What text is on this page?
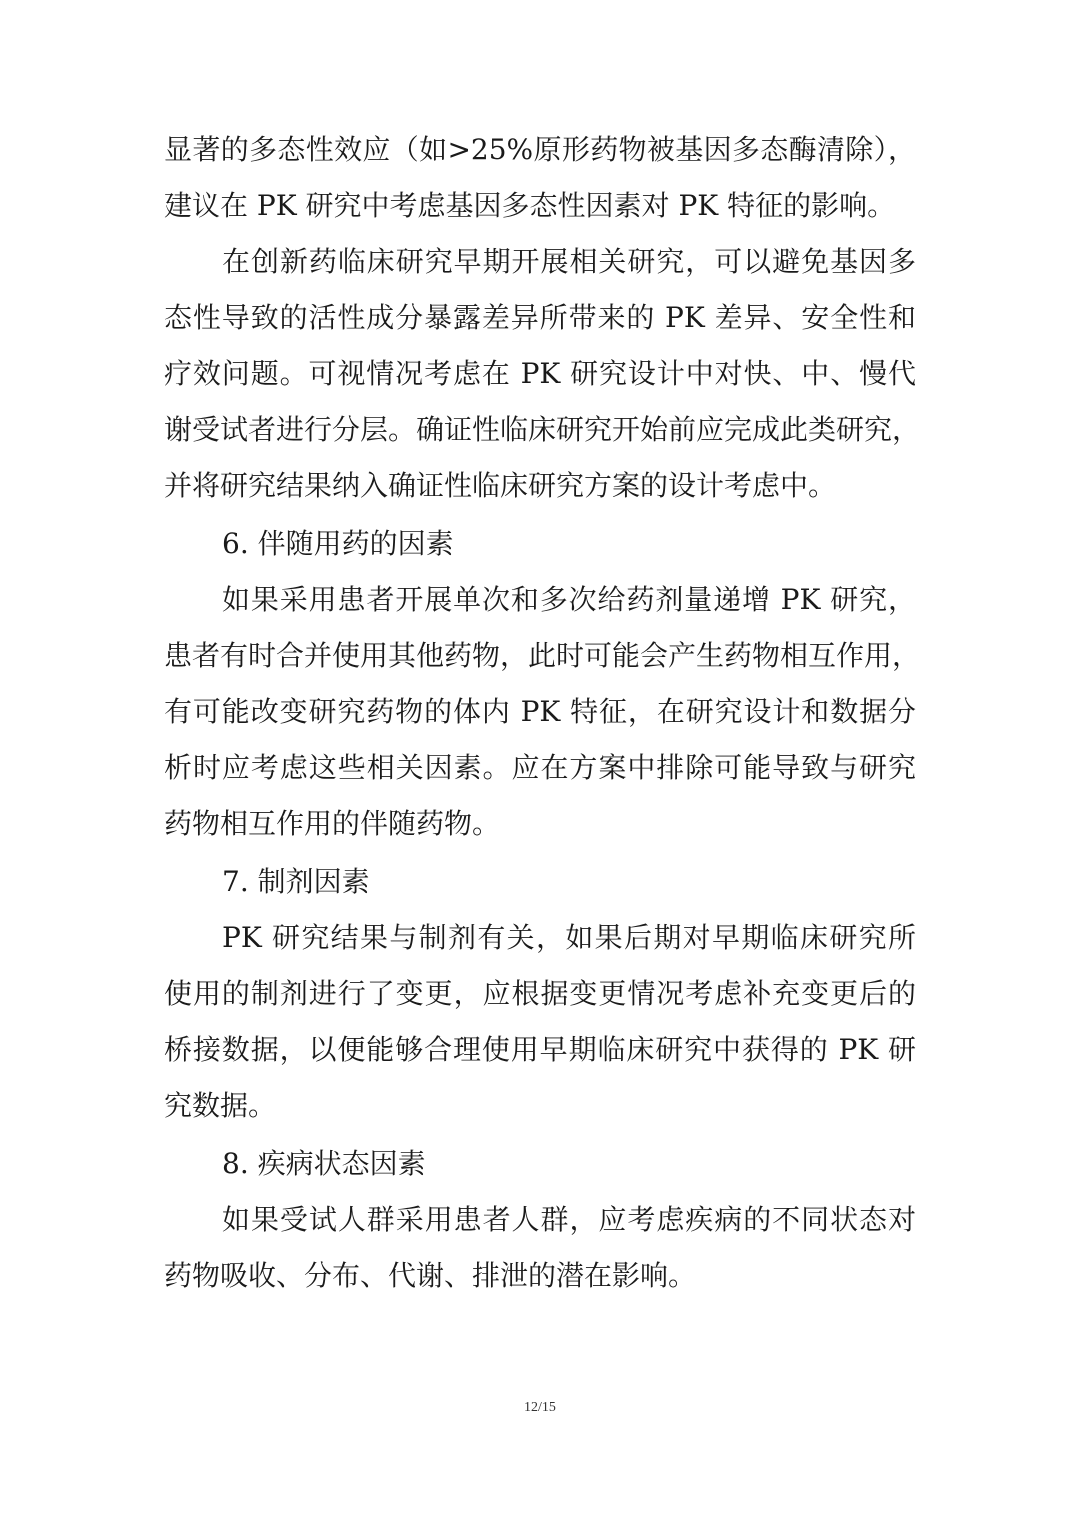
显著的多态性效应（如>25%原形药物被基因多态酶清除），
建议在 PK 研究中考虑基因多态性因素对 PK 特征的影响。
在创新药临床研究早期开展相关研究，可以避免基因多
态性导致的活性成分暴露差异所带来的 PK 差异、安全性和
疗效问题。可视情况考虑在 PK 研究设计中对快、中、慢代
谢受试者进行分层。确证性临床研究开始前应完成此类研究，
并将研究结果纳入确证性临床研究方案的设计考虑中。
6. 伴随用药的因素
如果采用患者开展单次和多次给药剂量递增 PK 研究，
患者有时合并使用其他药物，此时可能会产生药物相互作用，
有可能改变研究药物的体内 PK 特征，在研究设计和数据分
析时应考虑这些相关因素。应在方案中排除可能导致与研究
药物相互作用的伴随药物。
7. 制剂因素
PK 研究结果与制剂有关，如果后期对早期临床研究所
使用的制剂进行了变更，应根据变更情况考虑补充变更后的
桥接数据，以便能够合理使用早期临床研究中获得的 PK 研
究数据。
8. 疾病状态因素
如果受试人群采用患者人群，应考虑疾病的不同状态对
药物吸收、分布、代谢、排泄的潜在影响。
12/15
